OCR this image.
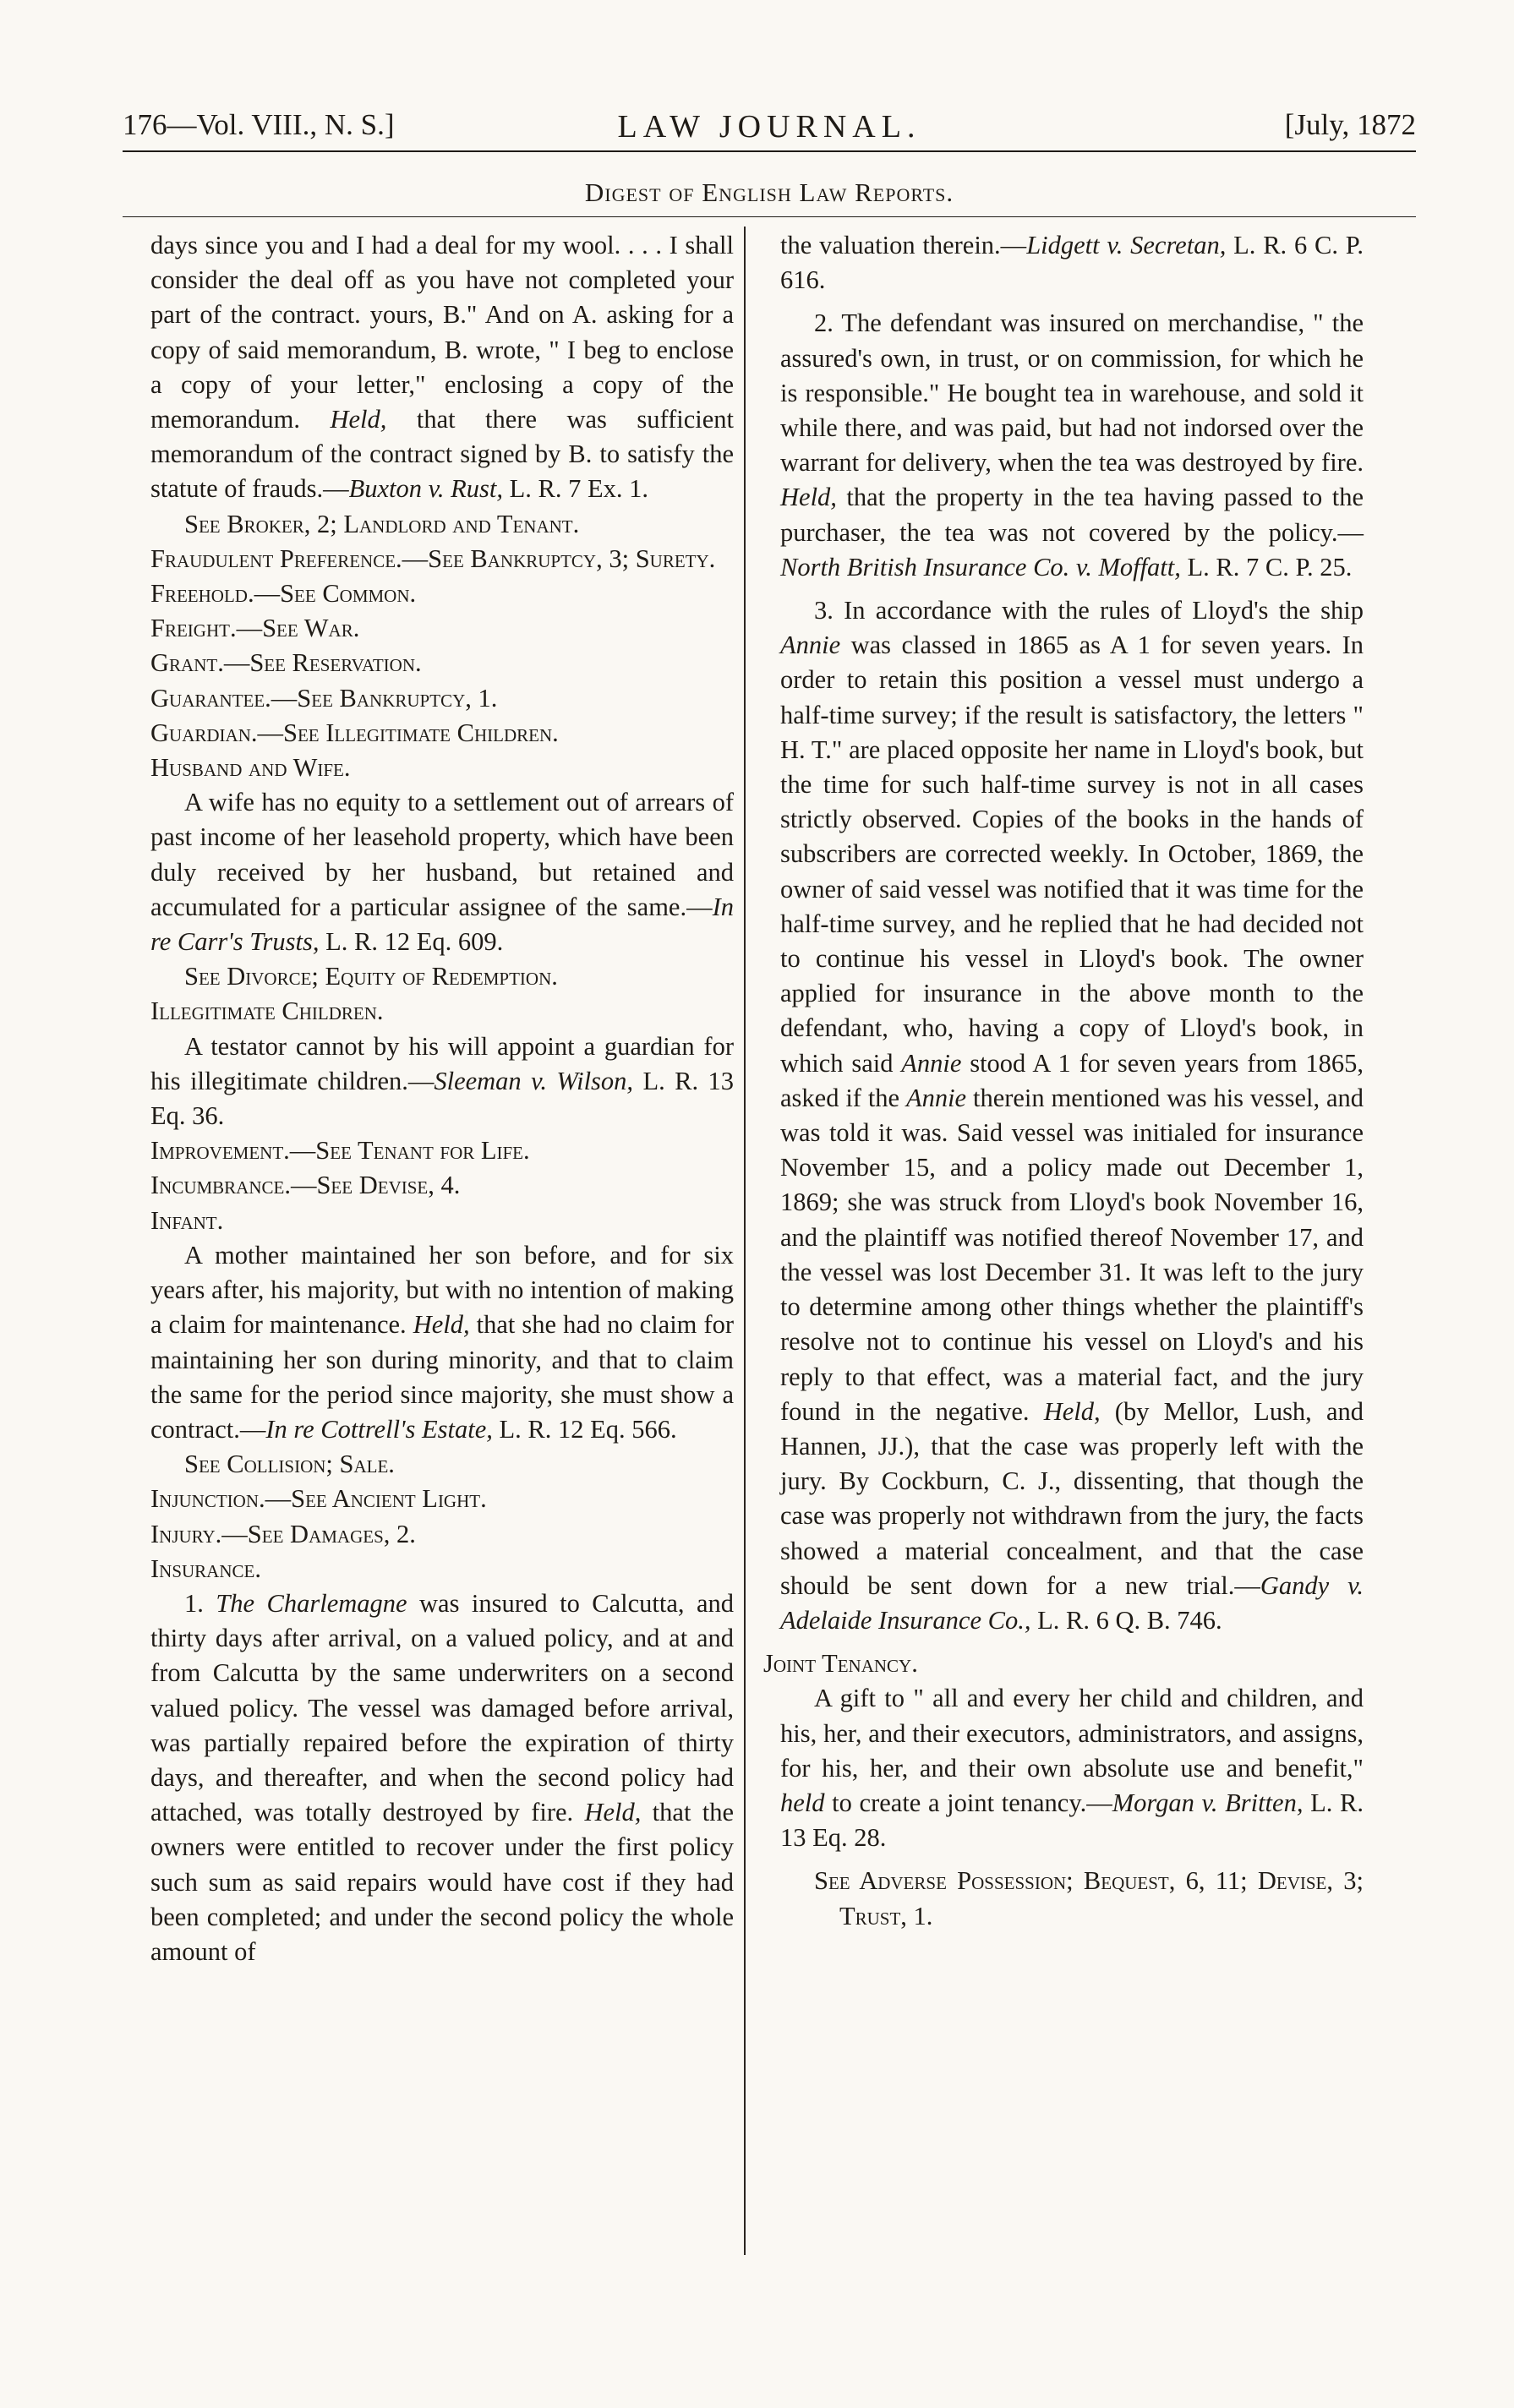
176—Vol. VIII., N. S.]	LAW JOURNAL.	[July, 1872
Digest of English Law Reports.

days since you and I had a deal for my wool. . . . I shall consider the deal off as you have not completed your part of the contract. yours, B." And on A. asking for a copy of said memorandum, B. wrote, " I beg to enclose a copy of your letter," enclosing a copy of the memorandum. Held, that there was sufficient memorandum of the contract signed by B. to satisfy the statute of frauds.—Buxton v. Rust, L. R. 7 Ex. 1.

See Broker, 2; Landlord and Tenant.

Fraudulent Preference.—See Bankruptcy, 3; Surety.

Freehold.—See Common.

Freight.—See War.

Grant.—See Reservation.

Guarantee.—See Bankruptcy, 1.

Guardian.—See Illegitimate Children.

Husband and Wife.

A wife has no equity to a settlement out of arrears of past income of her leasehold property, which have been duly received by her husband, but retained and accumulated for a particular assignee of the same.—In re Carr's Trusts, L. R. 12 Eq. 609.

See Divorce; Equity of Redemption.

Illegitimate Children.

A testator cannot by his will appoint a guardian for his illegitimate children.—Sleeman v. Wilson, L. R. 13 Eq. 36.

Improvement.—See Tenant for Life.

Incumbrance.—See Devise, 4.

Infant.

A mother maintained her son before, and for six years after, his majority, but with no intention of making a claim for maintenance. Held, that she had no claim for maintaining her son during minority, and that to claim the same for the period since majority, she must show a contract.—In re Cottrell's Estate, L. R. 12 Eq. 566.

See Collision; Sale.

Injunction.—See Ancient Light.

Injury.—See Damages, 2.

Insurance.

1. The Charlemagne was insured to Calcutta, and thirty days after arrival, on a valued policy, and at and from Calcutta by the same underwriters on a second valued policy. The vessel was damaged before arrival, was partially repaired before the expiration of thirty days, and thereafter, and when the second policy had attached, was totally destroyed by fire. Held, that the owners were entitled to recover under the first policy such sum as said repairs would have cost if they had been completed; and under the second policy the whole amount of

the valuation therein.—Lidgett v. Secretan, L. R. 6 C. P. 616.

2. The defendant was insured on merchandise, " the assured's own, in trust, or on commission, for which he is responsible." He bought tea in warehouse, and sold it while there, and was paid, but had not indorsed over the warrant for delivery, when the tea was destroyed by fire. Held, that the property in the tea having passed to the purchaser, the tea was not covered by the policy.—North British Insurance Co. v. Moffatt, L. R. 7 C. P. 25.

3. In accordance with the rules of Lloyd's the ship Annie was classed in 1865 as A 1 for seven years. In order to retain this position a vessel must undergo a half-time survey; if the result is satisfactory, the letters " H. T." are placed opposite her name in Lloyd's book, but the time for such half-time survey is not in all cases strictly observed. Copies of the books in the hands of subscribers are corrected weekly. In October, 1869, the owner of said vessel was notified that it was time for the half-time survey, and he replied that he had decided not to continue his vessel in Lloyd's book. The owner applied for insurance in the above month to the defendant, who, having a copy of Lloyd's book, in which said Annie stood A 1 for seven years from 1865, asked if the Annie therein mentioned was his vessel, and was told it was. Said vessel was initialed for insurance November 15, and a policy made out December 1, 1869; she was struck from Lloyd's book November 16, and the plaintiff was notified thereof November 17, and the vessel was lost December 31. It was left to the jury to determine among other things whether the plaintiff's resolve not to continue his vessel on Lloyd's and his reply to that effect, was a material fact, and the jury found in the negative. Held, (by Mellor, Lush, and Hannen, JJ.), that the case was properly left with the jury. By Cockburn, C. J., dissenting, that though the case was properly not withdrawn from the jury, the facts showed a material concealment, and that the case should be sent down for a new trial.—Gandy v. Adelaide Insurance Co., L. R. 6 Q. B. 746.

Joint Tenancy.

A gift to " all and every her child and children, and his, her, and their executors, administrators, and assigns, for his, her, and their own absolute use and benefit," held to create a joint tenancy.—Morgan v. Britten, L. R. 13 Eq. 28.

See Adverse Possession; Bequest, 6, 11; Devise, 3; Trust, 1.
